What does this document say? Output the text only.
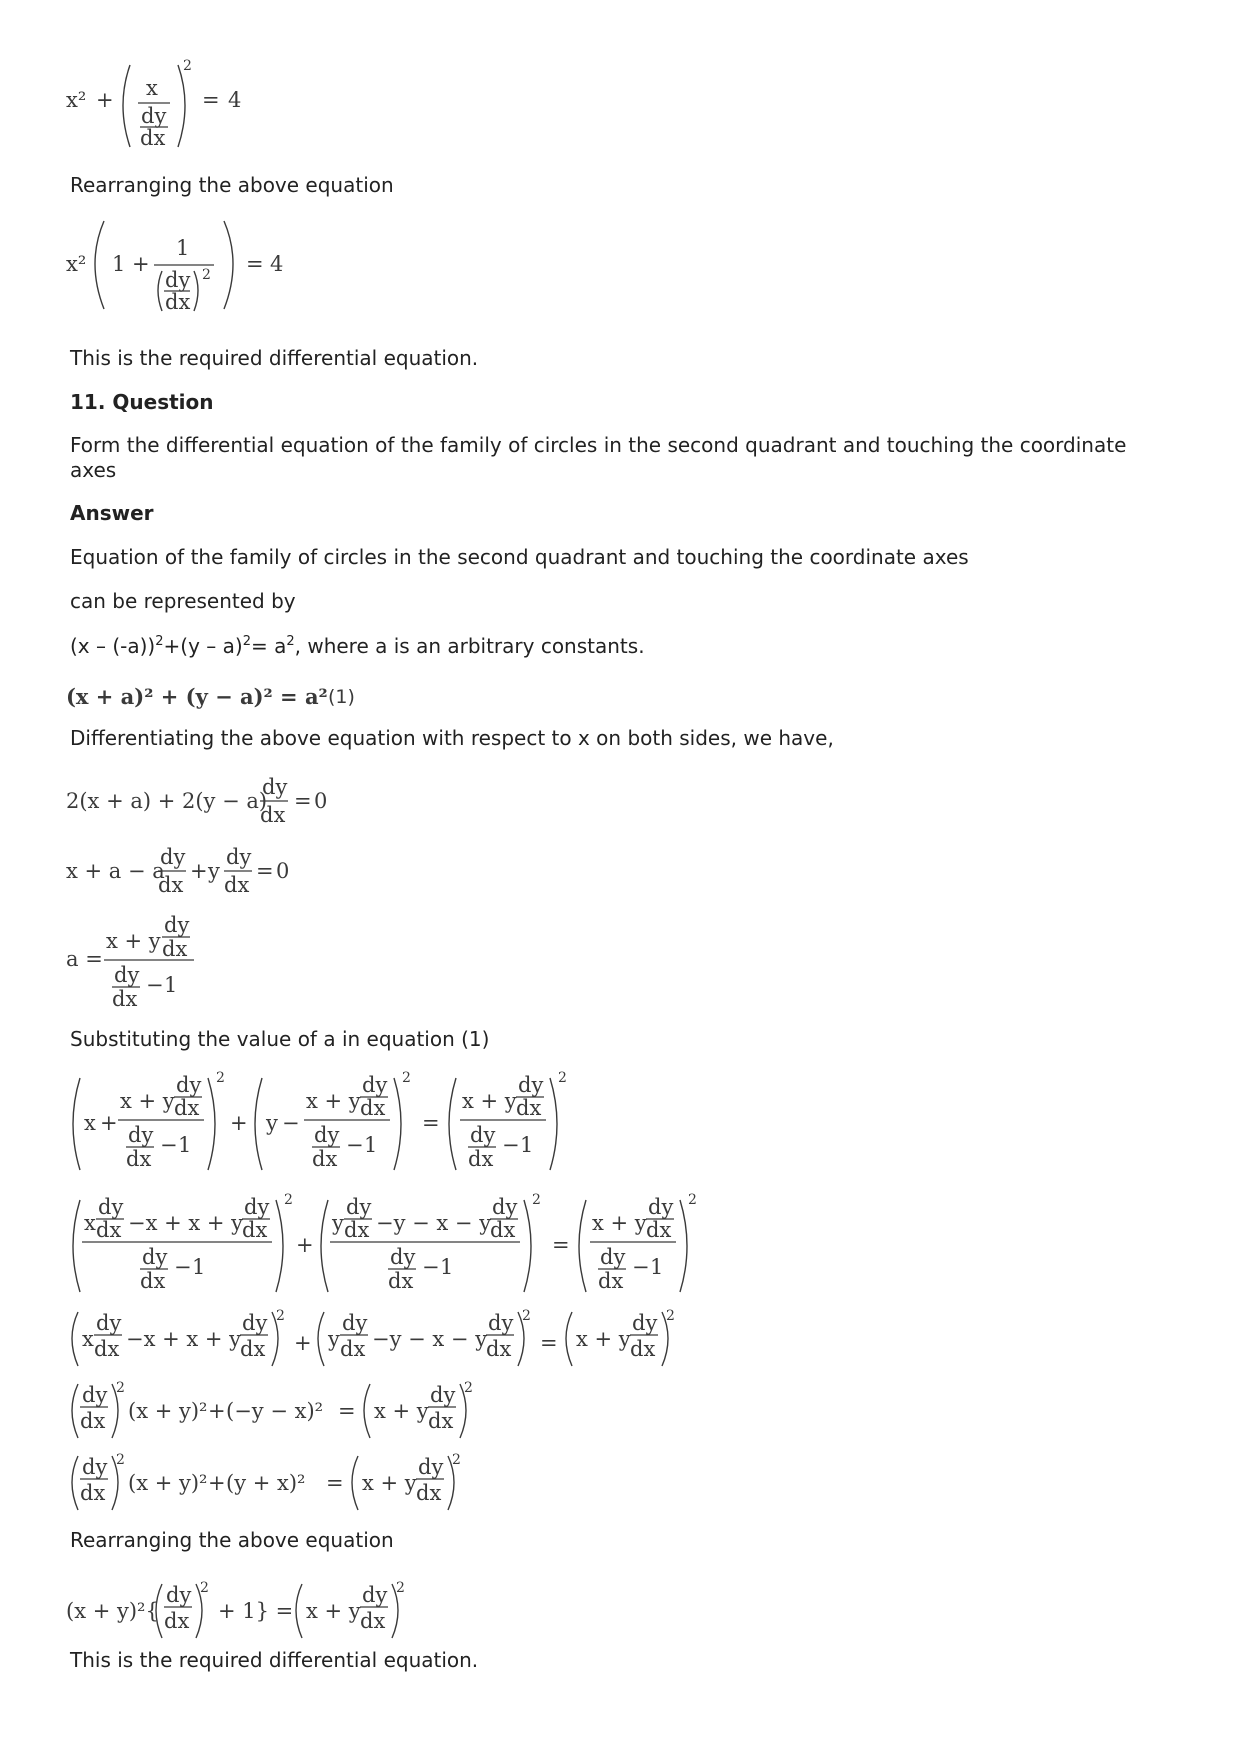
x² + x
dy
dx
2
= 4
Rearranging the above equation
x² 1 +
1
dy
dx
2 = 4
This is the required differential equation.
11. Question
Form the differential equation of the family of circles in the second quadrant and touching the coordinate axes
Answer
Equation of the family of circles in the second quadrant and touching the coordinate axes
can be represented by
$(x - (-a))^2+(y - a)^2= a^2$, where a is an arbitrary constants.
(x + a)² + (y − a)² = a² (1)
Differentiating the above equation with respect to x on both sides, we have,
2(x + a) + 2(y − a)
dy
dx
= 0
x + a − a
dy
dx
+ y
dy
dx
= 0
a =
x + y
dy
dx
dy
dx
− 1
Substituting the value of a in equation (1)
x +
x + y
dy
dx
dy
dx
− 1
2
+ y −
x + y
dy
dx
dy
dx
− 1
2
=
x + y
dy
dx
dy
dx
− 1
2
x
dy
dx −x + x + y
dy
dx
dy
dx
− 1
2
+
y
dy
dx −y − x − y
dy
dx
dy
dx
− 1
2
=
x + y
dy
dx
dy
dx
− 1
2
x
dy
dx −x + x + y
dy
dx
2
+ y
dy
dx −y − x − y
dy
dx
2
= x + y
dy
dx
2
dy
dx
2
(x + y)² + (−y − x)² = x + y
dy
dx
2
dy
dx
2
(x + y)² + (y + x)² = x + y
dy
dx
2
Rearranging the above equation
(x + y)²{
dy
dx
2
+ 1} = x + y
dy
dx
2
This is the required differential equation.
